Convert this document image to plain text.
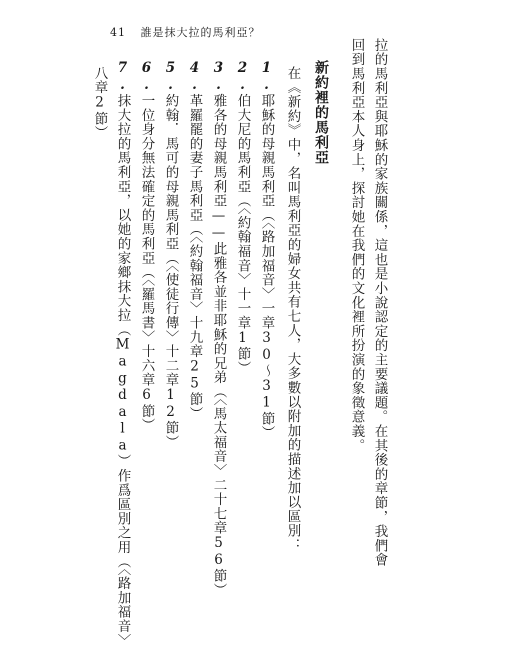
41 誰是抹大拉的馬利亞？
拉的馬利亞與耶穌的家族關係，這也是小說認定的主要議題。在其後的章節，我們會
回到馬利亞本人身上，探討她在我們的文化裡所扮演的象徵意義。
新約裡的馬利亞
在《新約》中，名叫馬利亞的婦女共有七人，大多數以附加的描述加以區別：
1.耶穌的母親馬利亞（〈路加福音〉一章30～31節）
2.伯大尼的馬利亞（〈約翰福音〉十一章1節）
3.雅各的母親馬利亞——此雅各並非耶穌的兄弟（〈馬太福音〉二十七章56節）
4.革羅罷的妻子馬利亞（〈約翰福音〉十九章25節）
5.約翰．馬可的母親馬利亞（〈使徒行傳〉十二章12節）
6.一位身分無法確定的馬利亞（〈羅馬書〉十六章6節）
7.抹大拉的馬利亞，以她的家鄉抹大拉（Magdala）作爲區別之用（〈路加福音〉
八章2節）
